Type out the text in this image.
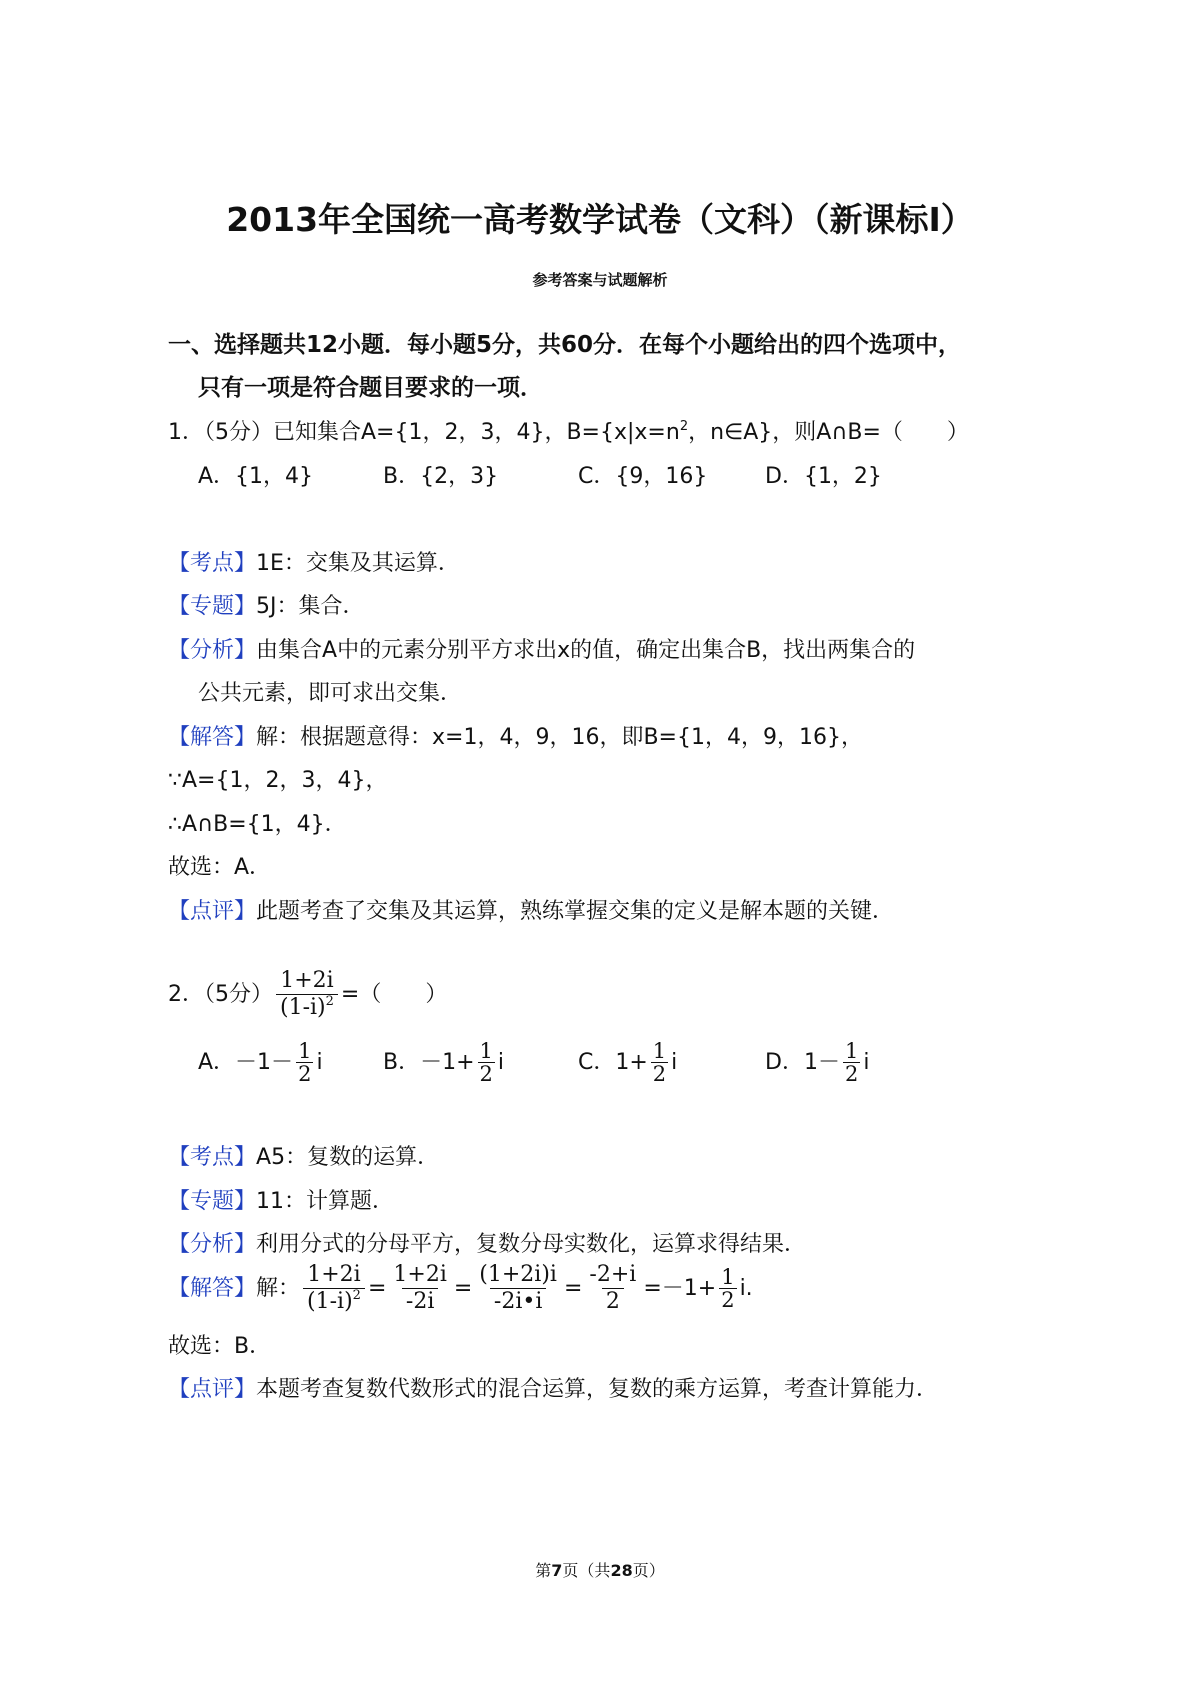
2013年全国统一高考数学试卷（文科）（新课标Ⅰ）
参考答案与试题解析
一、选择题共12小题．每小题5分，共60分．在每个小题给出的四个选项中，
只有一项是符合题目要求的一项．
1．（5分）已知集合A={1，2，3，4}，$B=\{x|x=n^2$，n∈A}，则A∩B=（　　）
A．{1，4}	B．{2，3}	C．{9，16}	D．{1，2}
【考点】1E：交集及其运算．
【专题】5J：集合．
【分析】由集合A中的元素分别平方求出x的值，确定出集合B，找出两集合的
公共元素，即可求出交集．
【解答】解：根据题意得：x=1，4，9，16，即B={1，4，9，16}，
∵A={1，2，3，4}，
∴A∩B={1，4}．
故选：A．
【点评】此题考查了交集及其运算，熟练掌握交集的定义是解本题的关键．
2．（5分） $\frac{1+2i}{(1-i)^2}$ =（　　）
A．$-1- \frac{1}{2}$ i	B．$-1+ \frac{1}{2}$ i	C．$1+ \frac{1}{2}$ i	D．$1- \frac{1}{2}$ i
【考点】A5：复数的运算．
【专题】11：计算题．
【分析】利用分式的分母平方，复数分母实数化，运算求得结果．
【解答】 解： $\frac{1+2i}{(1-i)^2} = \frac{1+2i}{-2i} = \frac{(1+2i)i}{-2i•i} = \frac{-2+i}{2} = -1+ \frac{1}{2} i$.
故选：B．
【点评】本题考查复数代数形式的混合运算，复数的乘方运算，考查计算能力．
第7页（共28页）
